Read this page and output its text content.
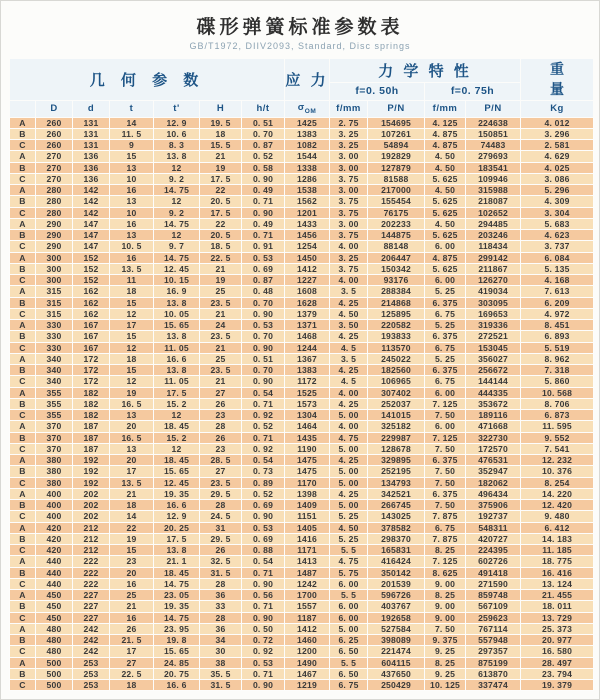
碟形弹簧标准参数表
GB/T1972, DIIV2093, Standard, Disc springs
几 何 参 数							应 力	力 学 特 性				重
量

								f=0. 50h		f=0. 75h		
	D	d	t	t'	H	h/t	$\sigma_{OM}$	f/mm	P/N	f/mm	P/N	Kg
A	260	131	14	12. 9	19. 5	0. 51	1425	2. 75	154695	4. 125	224638	4. 012
B	260	131	11. 5	10. 6	18	0. 70	1383	3. 25	107261	4. 875	150851	3. 296
C	260	131	9	8. 3	15. 5	0. 87	1082	3. 25	54894	4. 875	74483	2. 581
A	270	136	15	13. 8	21	0. 52	1544	3. 00	192829	4. 50	279693	4. 629
B	270	136	13	12	19	0. 58	1338	3. 00	127879	4. 50	183541	4. 025
C	270	136	10	9. 2	17. 5	0. 90	1286	3. 75	81588	5. 625	109946	3. 086
A	280	142	16	14. 75	22	0. 49	1538	3. 00	217000	4. 50	315988	5. 296
B	280	142	13	12	20. 5	0. 71	1562	3. 75	155454	5. 625	218087	4. 309
C	280	142	10	9. 2	17. 5	0. 90	1201	3. 75	76175	5. 625	102652	3. 304
A	290	147	16	14. 75	22	0. 49	1433	3. 00	202233	4. 50	294485	5. 683
B	290	147	13	12	20. 5	0. 71	1456	3. 75	144875	5. 625	203246	4. 623
C	290	147	10. 5	9. 7	18. 5	0. 91	1254	4. 00	88148	6. 00	118434	3. 737
A	300	152	16	14. 75	22. 5	0. 53	1450	3. 25	206447	4. 875	299142	6. 084
B	300	152	13. 5	12. 45	21	0. 69	1412	3. 75	150342	5. 625	211867	5. 135
C	300	152	11	10. 15	19	0. 87	1227	4. 00	93176	6. 00	126270	4. 168
A	315	162	18	16. 9	25	0. 48	1608	3. 5	288384	5. 25	419034	7. 613
B	315	162	15	13. 8	23. 5	0. 70	1628	4. 25	214868	6. 375	303095	6. 209
C	315	162	12	10. 05	21	0. 90	1379	4. 50	125895	6. 75	169653	4. 972
A	330	167	17	15. 65	24	0. 53	1371	3. 50	220582	5. 25	319336	8. 451
B	330	167	15	13. 8	23. 5	0. 70	1468	4. 25	193833	6. 375	272521	6. 893
C	330	167	12	11. 05	21	0. 90	1244	4. 5	113570	6. 75	153045	5. 519
A	340	172	18	16. 6	25	0. 51	1367	3. 5	245022	5. 25	356027	8. 962
B	340	172	15	13. 8	23. 5	0. 70	1383	4. 25	182560	6. 375	256672	7. 318
C	340	172	12	11. 05	21	0. 90	1172	4. 5	106965	6. 75	144144	5. 860
A	355	182	19	17. 5	27	0. 54	1525	4. 00	307402	6. 00	444335	10. 568
B	355	182	16. 5	15. 2	26	0. 71	1573	4. 25	252037	7. 125	353672	8. 706
C	355	182	13	12	23	0. 92	1304	5. 00	141015	7. 50	189116	6. 873
A	370	187	20	18. 45	28	0. 52	1464	4. 00	325182	6. 00	471668	11. 595
B	370	187	16. 5	15. 2	26	0. 71	1435	4. 75	229987	7. 125	322730	9. 552
C	370	187	13	12	23	0. 92	1190	5. 00	128678	7. 50	172570	7. 541
A	380	192	20	18. 45	28. 5	0. 54	1475	4. 25	329895	6. 375	476531	12. 232
B	380	192	17	15. 65	27	0. 73	1475	5. 00	252195	7. 50	352947	10. 376
C	380	192	13. 5	12. 45	23. 5	0. 89	1170	5. 00	134793	7. 50	182062	8. 254
A	400	202	21	19. 35	29. 5	0. 52	1398	4. 25	342521	6. 375	496434	14. 220
B	400	202	18	16. 6	28	0. 69	1409	5. 00	266745	7. 50	375906	12. 420
C	400	202	14	12. 9	24. 5	0. 90	1151	5. 25	143025	7. 875	192737	9. 480
A	420	212	22	20. 25	31	0. 53	1405	4. 50	378582	6. 75	548311	6. 412
B	420	212	19	17. 5	29. 5	0. 69	1416	5. 25	298370	7. 875	420727	14. 183
C	420	212	15	13. 8	26	0. 88	1171	5. 5	165831	8. 25	224395	11. 185
A	440	222	23	21. 1	32. 5	0. 54	1413	4. 75	416424	7. 125	602726	18. 775
B	440	222	20	18. 45	31. 5	0. 71	1487	5. 75	350142	8. 625	491418	16. 416
C	440	222	16	14. 75	28	0. 90	1242	6. 00	201539	9. 00	271590	13. 124
A	450	227	25	23. 05	36	0. 56	1700	5. 5	596726	8. 25	859748	21. 455
B	450	227	21	19. 35	33	0. 71	1557	6. 00	403767	9. 00	567109	18. 011
C	450	227	16	14. 75	28	0. 90	1187	6. 00	192658	9. 00	259623	13. 729
A	480	242	26	23. 95	36	0. 50	1412	5. 00	527584	7. 50	767114	25. 373
B	480	242	21. 5	19. 8	34	0. 72	1460	6. 25	398089	9. 375	557948	20. 977
C	480	242	17	15. 65	30	0. 92	1200	6. 50	221474	9. 25	297357	16. 580
A	500	253	27	24. 85	38	0. 53	1490	5. 5	604115	8. 25	875199	28. 497
B	500	253	22. 5	20. 75	35. 5	0. 71	1467	6. 50	437650	9. 25	613870	23. 794
C	500	253	18	16. 6	31. 5	0. 90	1219	6. 75	250429	10. 125	337474	19. 379
